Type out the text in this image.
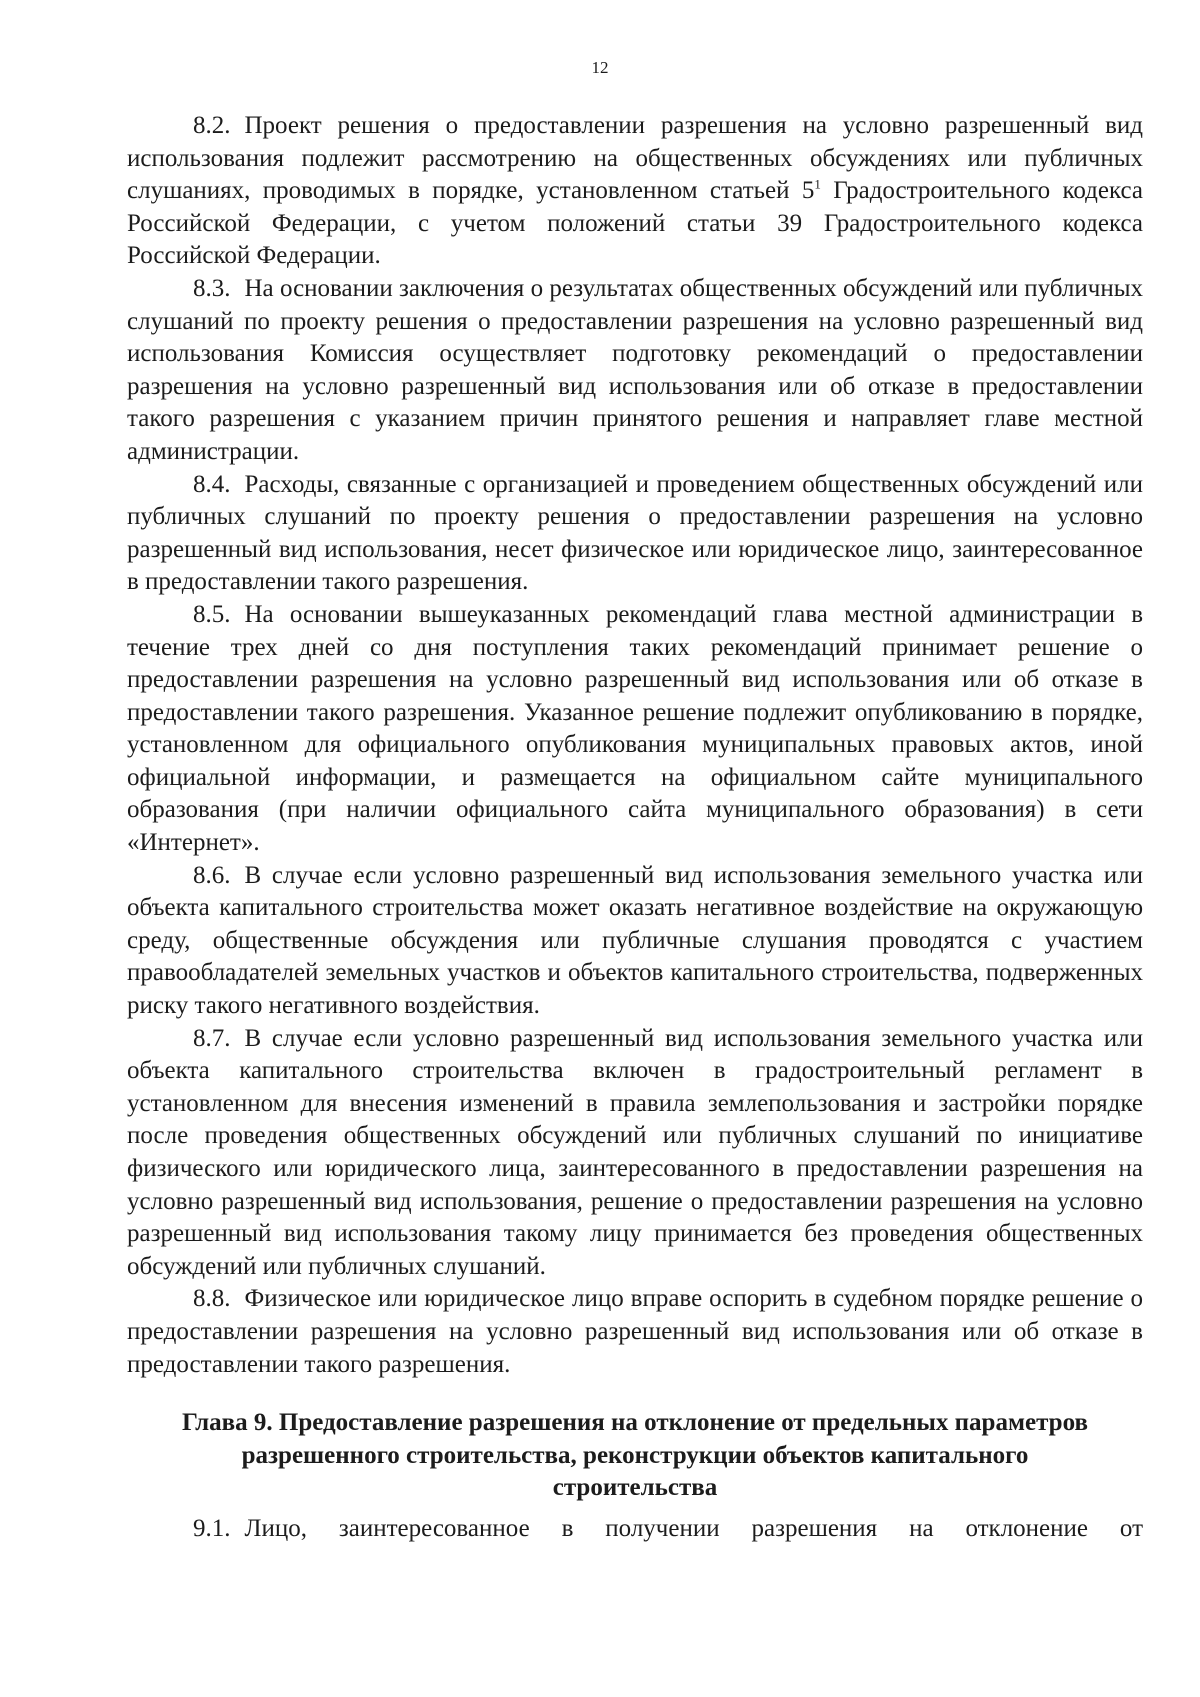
12

8.2. Проект решения о предоставлении разрешения на условно разрешенный вид использования подлежит рассмотрению на общественных обсуждениях или публичных слушаниях, проводимых в порядке, установленном статьей $5^1$ Градостроительного кодекса Российской Федерации, с учетом положений статьи 39 Градостроительного кодекса Российской Федерации.

8.3. На основании заключения о результатах общественных обсуждений или публичных слушаний по проекту решения о предоставлении разрешения на условно разрешенный вид использования Комиссия осуществляет подготовку рекомендаций о предоставлении разрешения на условно разрешенный вид использования или об отказе в предоставлении такого разрешения с указанием причин принятого решения и направляет главе местной администрации.

8.4. Расходы, связанные с организацией и проведением общественных обсуждений или публичных слушаний по проекту решения о предоставлении разрешения на условно разрешенный вид использования, несет физическое или юридическое лицо, заинтересованное в предоставлении такого разрешения.

8.5. На основании вышеуказанных рекомендаций глава местной администрации в течение трех дней со дня поступления таких рекомендаций принимает решение о предоставлении разрешения на условно разрешенный вид использования или об отказе в предоставлении такого разрешения. Указанное решение подлежит опубликованию в порядке, установленном для официального опубликования муниципальных правовых актов, иной официальной информации, и размещается на официальном сайте муниципального образования (при наличии официального сайта муниципального образования) в сети «Интернет».

8.6. В случае если условно разрешенный вид использования земельного участка или объекта капитального строительства может оказать негативное воздействие на окружающую среду, общественные обсуждения или публичные слушания проводятся с участием правообладателей земельных участков и объектов капитального строительства, подверженных риску такого негативного воздействия.

8.7. В случае если условно разрешенный вид использования земельного участка или объекта капитального строительства включен в градостроительный регламент в установленном для внесения изменений в правила землепользования и застройки порядке после проведения общественных обсуждений или публичных слушаний по инициативе физического или юридического лица, заинтересованного в предоставлении разрешения на условно разрешенный вид использования, решение о предоставлении разрешения на условно разрешенный вид использования такому лицу принимается без проведения общественных обсуждений или публичных слушаний.

8.8. Физическое или юридическое лицо вправе оспорить в судебном порядке решение о предоставлении разрешения на условно разрешенный вид использования или об отказе в предоставлении такого разрешения.

Глава 9. Предоставление разрешения на отклонение от предельных параметров разрешенного строительства, реконструкции объектов капитального строительства

9.1. Лицо, заинтересованное в получении разрешения на отклонение от
